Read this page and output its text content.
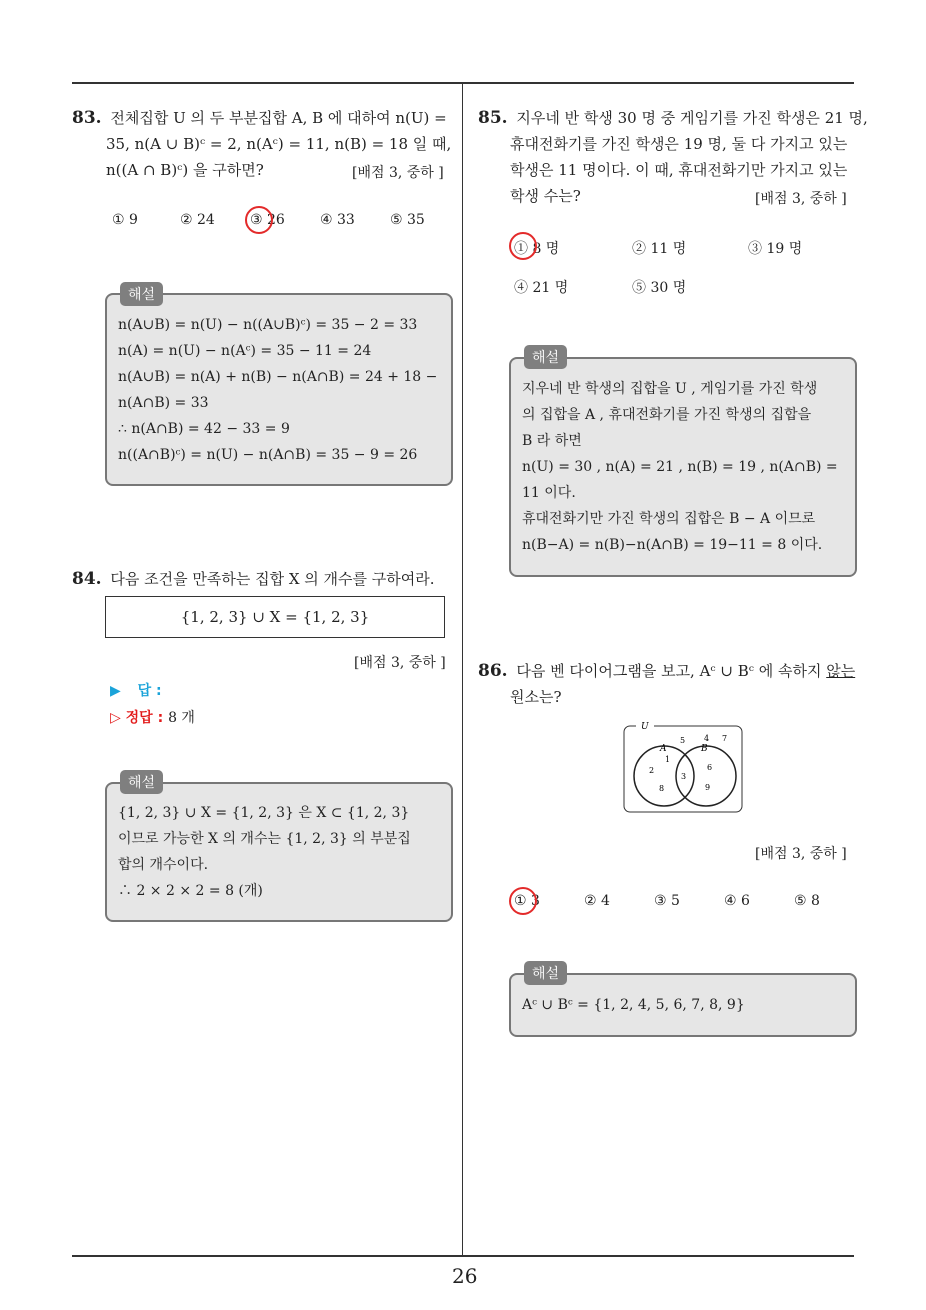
83. 전체집합 U 의 두 부분집합 A, B 에 대하여 n(U) =
35, n(A ∪ B)ᶜ = 2, n(Aᶜ) = 11, n(B) = 18 일 때,
n((A ∩ B)ᶜ) 을 구하면?	[배점 3, 중하 ]
① 9	② 24	③ 26	④ 33	⑤ 35
해설
n(A∪B) = n(U) − n((A∪B)ᶜ) = 35 − 2 = 33
n(A) = n(U) − n(Aᶜ) = 35 − 11 = 24
n(A∪B) = n(A) + n(B) − n(A∩B) = 24 + 18 −
n(A∩B) = 33
∴ n(A∩B) = 42 − 33 = 9
n((A∩B)ᶜ) = n(U) − n(A∩B) = 35 − 9 = 26
84. 다음 조건을 만족하는 집합 X 의 개수를 구하여라.
{1, 2, 3} ∪ X = {1, 2, 3}
[배점 3, 중하 ]
▶ 답 :
▷ 정답 : 8 개
해설
{1, 2, 3} ∪ X = {1, 2, 3} 은 X ⊂ {1, 2, 3}
이므로 가능한 X 의 개수는 {1, 2, 3} 의 부분집
합의 개수이다.
∴ 2 × 2 × 2 = 8 (개)
85. 지우네 반 학생 30 명 중 게임기를 가진 학생은 21 명,
휴대전화기를 가진 학생은 19 명, 둘 다 가지고 있는
학생은 11 명이다. 이 때, 휴대전화기만 가지고 있는
학생 수는?	[배점 3, 중하 ]
① 8 명	② 11 명	③ 19 명
④ 21 명	⑤ 30 명
해설
지우네 반 학생의 집합을 U , 게임기를 가진 학생
의 집합을 A , 휴대전화기를 가진 학생의 집합을
B 라 하면
n(U) = 30 , n(A) = 21 , n(B) = 19 , n(A∩B) =
11 이다.
휴대전화기만 가진 학생의 집합은 B − A 이므로
n(B−A) = n(B)−n(A∩B) = 19−11 = 8 이다.
86. 다음 벤 다이어그램을 보고, Aᶜ ∪ Bᶜ 에 속하지 않는
원소는?
U
A	B
5 4 7
1
2
8
3
6
9
[배점 3, 중하 ]
① 3	② 4	③ 5	④ 6	⑤ 8
해설
Aᶜ ∪ Bᶜ = {1, 2, 4, 5, 6, 7, 8, 9}
26
